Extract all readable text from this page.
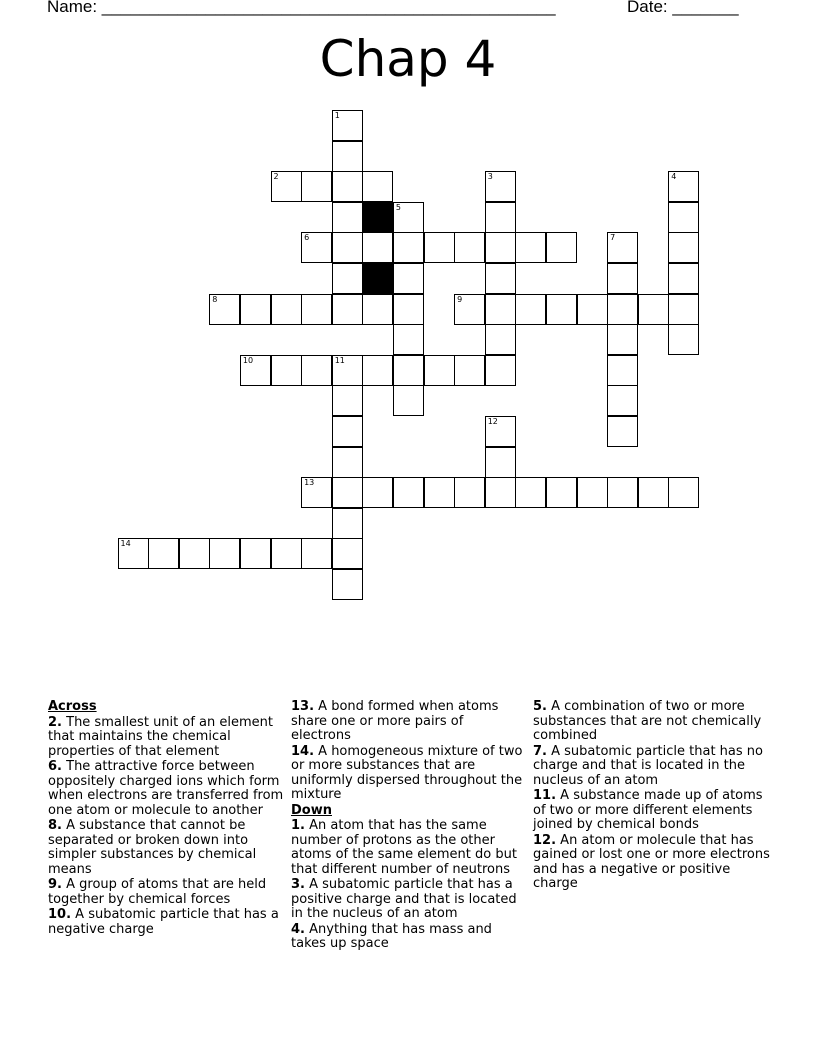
Name: ________________________________________________	Date: _______
Chap 4
1
2
5
6
3	4
7
8	9
10	11
12
13
14
Across
2. The smallest unit of an element that maintains the chemical properties of that element
6. The attractive force between oppositely charged ions which form when electrons are transferred from one atom or molecule to another
8. A substance that cannot be separated or broken down into simpler substances by chemical means
9. A group of atoms that are held together by chemical forces
10. A subatomic particle that has a negative charge
13. A bond formed when atoms share one or more pairs of electrons
14. A homogeneous mixture of two or more substances that are uniformly dispersed throughout the mixture
Down
1. An atom that has the same number of protons as the other atoms of the same element do but that different number of neutrons
3. A subatomic particle that has a positive charge and that is located in the nucleus of an atom
4. Anything that has mass and takes up space
5. A combination of two or more substances that are not chemically combined
7. A subatomic particle that has no charge and that is located in the nucleus of an atom
11. A substance made up of atoms of two or more different elements joined by chemical bonds
12. An atom or molecule that has gained or lost one or more electrons and has a negative or positive charge
